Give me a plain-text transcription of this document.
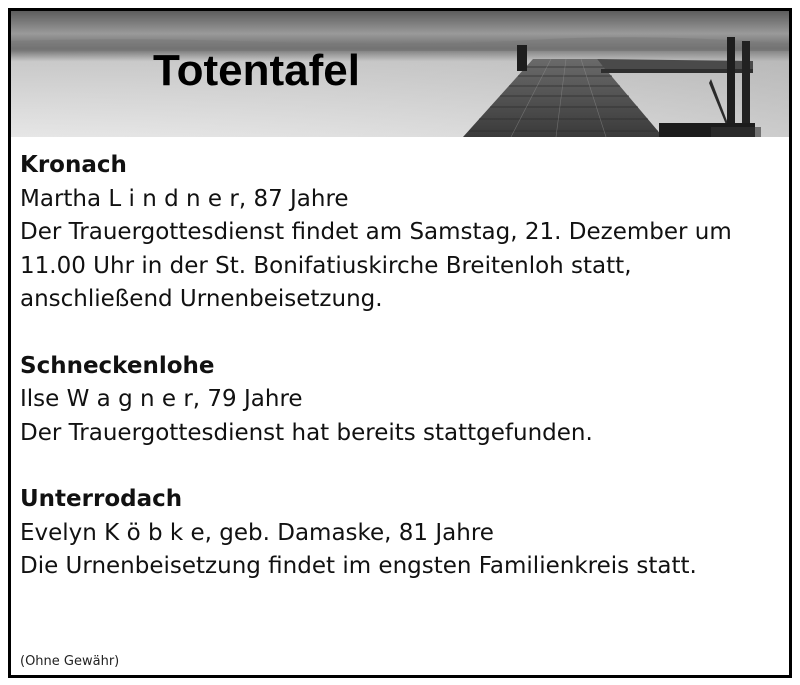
Totentafel
Kronach
Martha L i n d n e r, 87 Jahre
Der Trauergottesdienst findet am Samstag, 21. Dezember um
11.00 Uhr in der St. Bonifatiuskirche Breitenloh statt,
anschließend Urnenbeisetzung.
Schneckenlohe
Ilse W a g n e r, 79 Jahre
Der Trauergottesdienst hat bereits stattgefunden.
Unterrodach
Evelyn K ö b k e, geb. Damaske, 81 Jahre
Die Urnenbeisetzung findet im engsten Familienkreis statt.
(Ohne Gewähr)
